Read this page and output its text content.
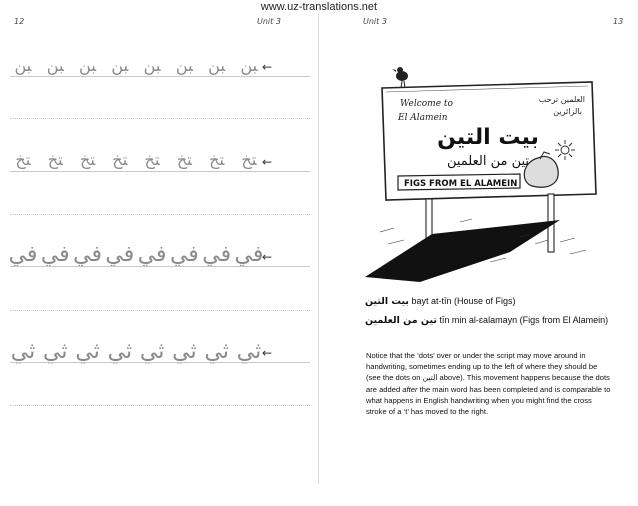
www.uz-translations.net
12	Unit 3	Unit 3	13
ﺒﻦ ﺒﻦ ﺒﻦ ﺒﻦ ﺒﻦ ﺒﻦ ﺒﻦ ﺒﻦ ←
ﺘﺦ	ﺘﺦ	ﺘﺦ	ﺘﺦ	ﺘﺦ	ﺘﺦ	ﺘﺦ	ﺘﺦ ←
ﻓﻲ ﻓﻲ ﻓﻲ ﻓﻲ ﻓﻲ ﻓﻲ ﻓﻲ ﻓﻲ
←
ﺛﻲ ﺛﻲ ﺛﻲ ﺛﻲ ﺛﻲ ﺛﻲ ﺛﻲ ﺛﻲ ←
Welcome to
El Alamein
العلمين ترحب
بالزائرين
بيت التين
تين من العلمين
FIGS FROM EL ALAMEIN
بيت التين bayt at-tīn (House of Figs)
تين من العلمين tīn min al-ɛalamayn (Figs from El Alamein)
Notice that the ‘dots’ over or under the script may move around in handwriting, sometimes ending up to the left of where they should be (see the dots on التين above). This movement happens because the dots are added after the main word has been completed and is comparable to what happens in English handwriting when you might find the cross stroke of a ‘t’ has moved to the right.
